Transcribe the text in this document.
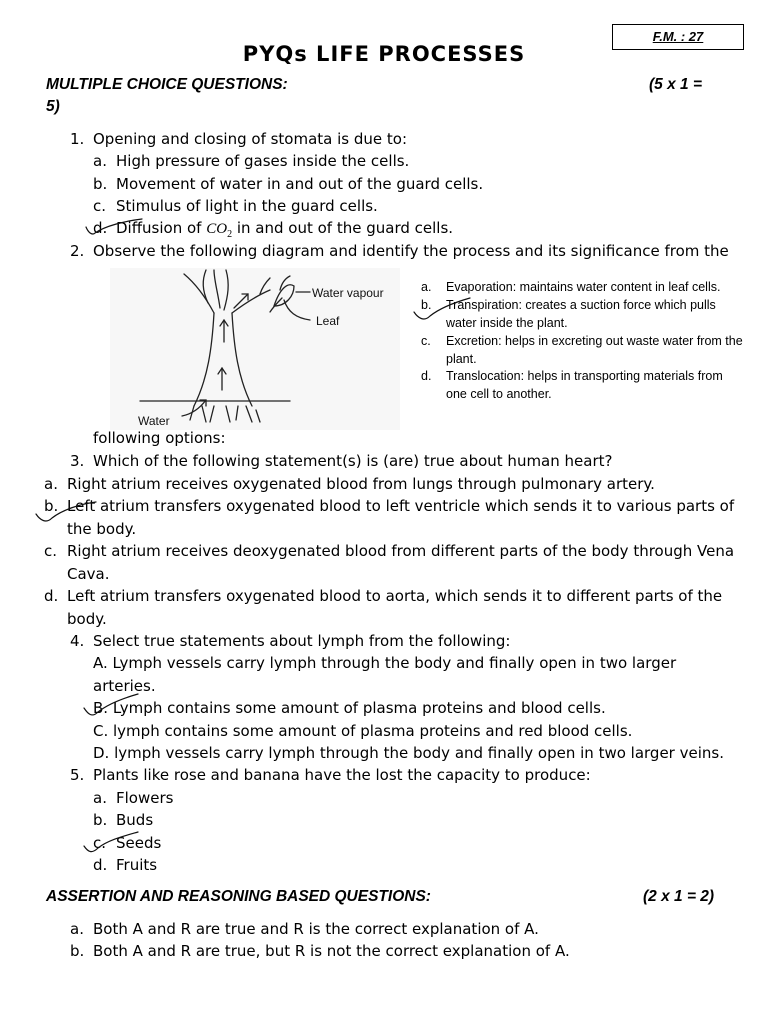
F.M. : 27
PYQs LIFE PROCESSES
MULTIPLE CHOICE QUESTIONS:	(5 x 1 =
5)
1. Opening and closing of stomata is due to:
a. High pressure of gases inside the cells.
b. Movement of water in and out of the guard cells.
c. Stimulus of light in the guard cells.
d. Diffusion of $CO_2$ in and out of the guard cells.
2. Observe the following diagram and identify the process and its significance from the
Water vapour
Leaf
Water
a. Evaporation: maintains water content in leaf cells.
b. Transpiration: creates a suction force which pulls water inside the plant.
c. Excretion: helps in excreting out waste water from the plant.
d. Translocation: helps in transporting materials from one cell to another.
following options:
3. Which of the following statement(s) is (are) true about human heart?
a. Right atrium receives oxygenated blood from lungs through pulmonary artery.
b. Left atrium transfers oxygenated blood to left ventricle which sends it to various parts of
the body.
c. Right atrium receives deoxygenated blood from different parts of the body through Vena
Cava.
d. Left atrium transfers oxygenated blood to aorta, which sends it to different parts of the
body.
4. Select true statements about lymph from the following:
A. Lymph vessels carry lymph through the body and finally open in two larger
arteries.
B. Lymph contains some amount of plasma proteins and blood cells.
C. lymph contains some amount of plasma proteins and red blood cells.
D. lymph vessels carry lymph through the body and finally open in two larger veins.
5. Plants like rose and banana have the lost the capacity to produce:
a. Flowers
b. Buds
c. Seeds
d. Fruits
ASSERTION AND REASONING BASED QUESTIONS:	(2 x 1 = 2)
a. Both A and R are true and R is the correct explanation of A.
b. Both A and R are true, but R is not the correct explanation of A.
